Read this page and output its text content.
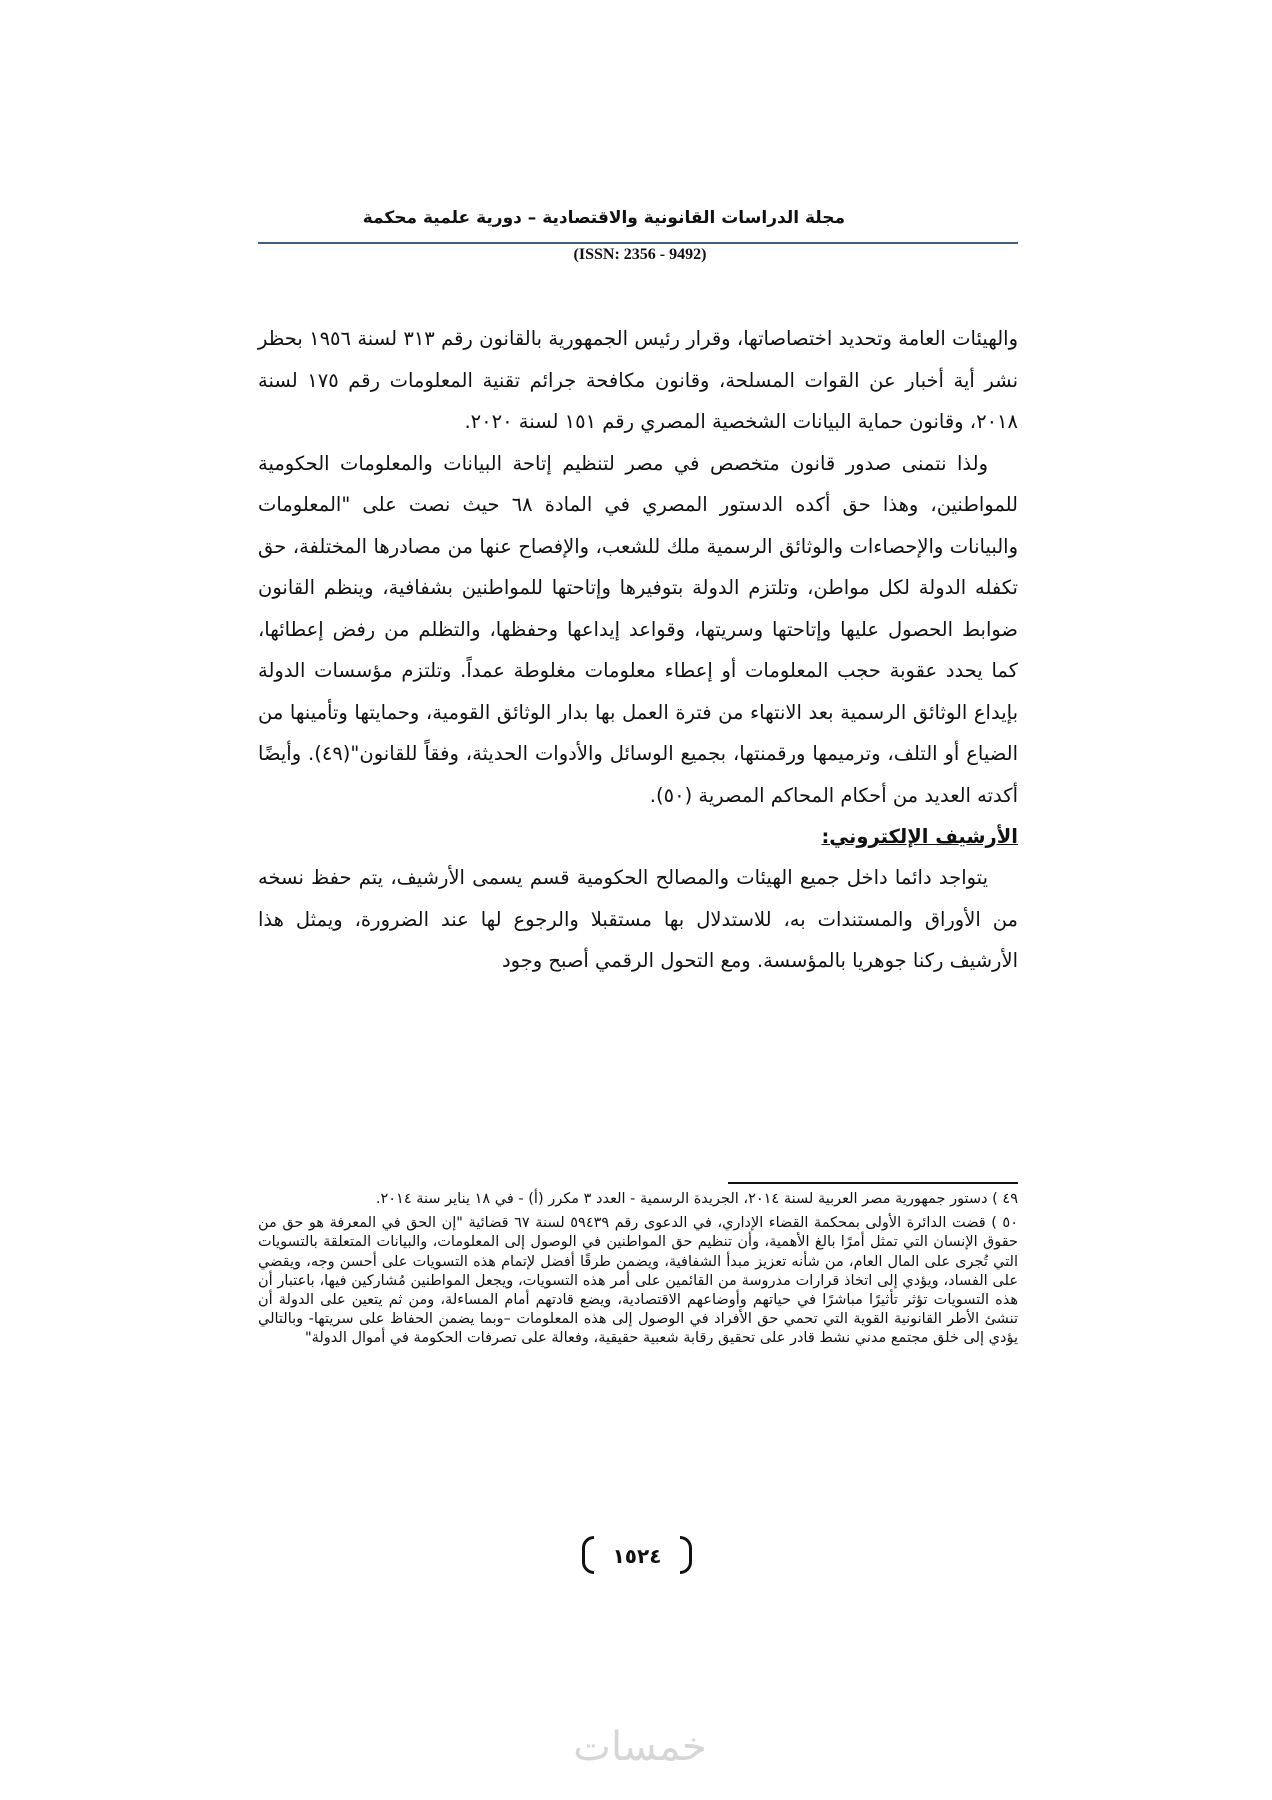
مجلة الدراسات القانونية والاقتصادية – دورية علمية محكمة
(ISSN: 2356 - 9492)

والهيئات العامة وتحديد اختصاصاتها، وقرار رئيس الجمهورية بالقانون رقم ٣١٣ لسنة ١٩٥٦ بحظر نشر أية أخبار عن القوات المسلحة، وقانون مكافحة جرائم تقنية المعلومات رقم ١٧٥ لسنة ٢٠١٨، وقانون حماية البيانات الشخصية المصري رقم ١٥١ لسنة ٢٠٢٠.

ولذا نتمنى صدور قانون متخصص في مصر لتنظيم إتاحة البيانات والمعلومات الحكومية للمواطنين، وهذا حق أكده الدستور المصري في المادة ٦٨ حيث نصت على "المعلومات والبيانات والإحصاءات والوثائق الرسمية ملك للشعب، والإفصاح عنها من مصادرها المختلفة، حق تكفله الدولة لكل مواطن، وتلتزم الدولة بتوفيرها وإتاحتها للمواطنين بشفافية، وينظم القانون ضوابط الحصول عليها وإتاحتها وسريتها، وقواعد إيداعها وحفظها، والتظلم من رفض إعطائها، كما يحدد عقوبة حجب المعلومات أو إعطاء معلومات مغلوطة عمداً. وتلتزم مؤسسات الدولة بإيداع الوثائق الرسمية بعد الانتهاء من فترة العمل بها بدار الوثائق القومية، وحمايتها وتأمينها من الضياع أو التلف، وترميمها ورقمنتها، بجميع الوسائل والأدوات الحديثة، وفقاً للقانون"(٤٩). وأيضًا أكدته العديد من أحكام المحاكم المصرية (٥٠).

الأرشيف الإلكتروني:

يتواجد دائما داخل جميع الهيئات والمصالح الحكومية قسم يسمى الأرشيف، يتم حفظ نسخه من الأوراق والمستندات به، للاستدلال بها مستقبلا والرجوع لها عند الضرورة، ويمثل هذا الأرشيف ركنا جوهريا بالمؤسسة. ومع التحول الرقمي أصبح وجود

٤٩ ) دستور جمهورية مصر العربية لسنة ٢٠١٤، الجريدة الرسمية - العدد ٣ مكرر (أ) - في ١٨ يناير سنة ٢٠١٤.

٥٠ ) قضت الدائرة الأولى بمحكمة القضاء الإداري، في الدعوى رقم ٥٩٤٣٩ لسنة ٦٧ قضائية "إن الحق في المعرفة هو حق من حقوق الإنسان التي تمثل أمرًا بالغ الأهمية، وأن تنظيم حق المواطنين في الوصول إلى المعلومات، والبيانات المتعلقة بالتسويات التي تُجرى على المال العام، من شأنه تعزيز مبدأ الشفافية، ويضمن طرقًا أفضل لإتمام هذه التسويات على أحسن وجه، ويقضي على الفساد، ويؤدي إلى اتخاذ قرارات مدروسة من القائمين على أمر هذه التسويات، ويجعل المواطنين مُشاركين فيها، باعتبار أن هذه التسويات تؤثر تأثيرًا مباشرًا في حياتهم وأوضاعهم الاقتصادية، ويضع قادتهم أمام المساءلة، ومن ثم يتعين على الدولة أن تنشئ الأطر القانونية القوية التي تحمي حق الأفراد في الوصول إلى هذه المعلومات –وبما يضمن الحفاظ على سريتها- وبالتالي يؤدي إلى خلق مجتمع مدني نشط قادر على تحقيق رقابة شعبية حقيقية، وفعالة على تصرفات الحكومة في أموال الدولة"

١٥٢٤
خمسات
